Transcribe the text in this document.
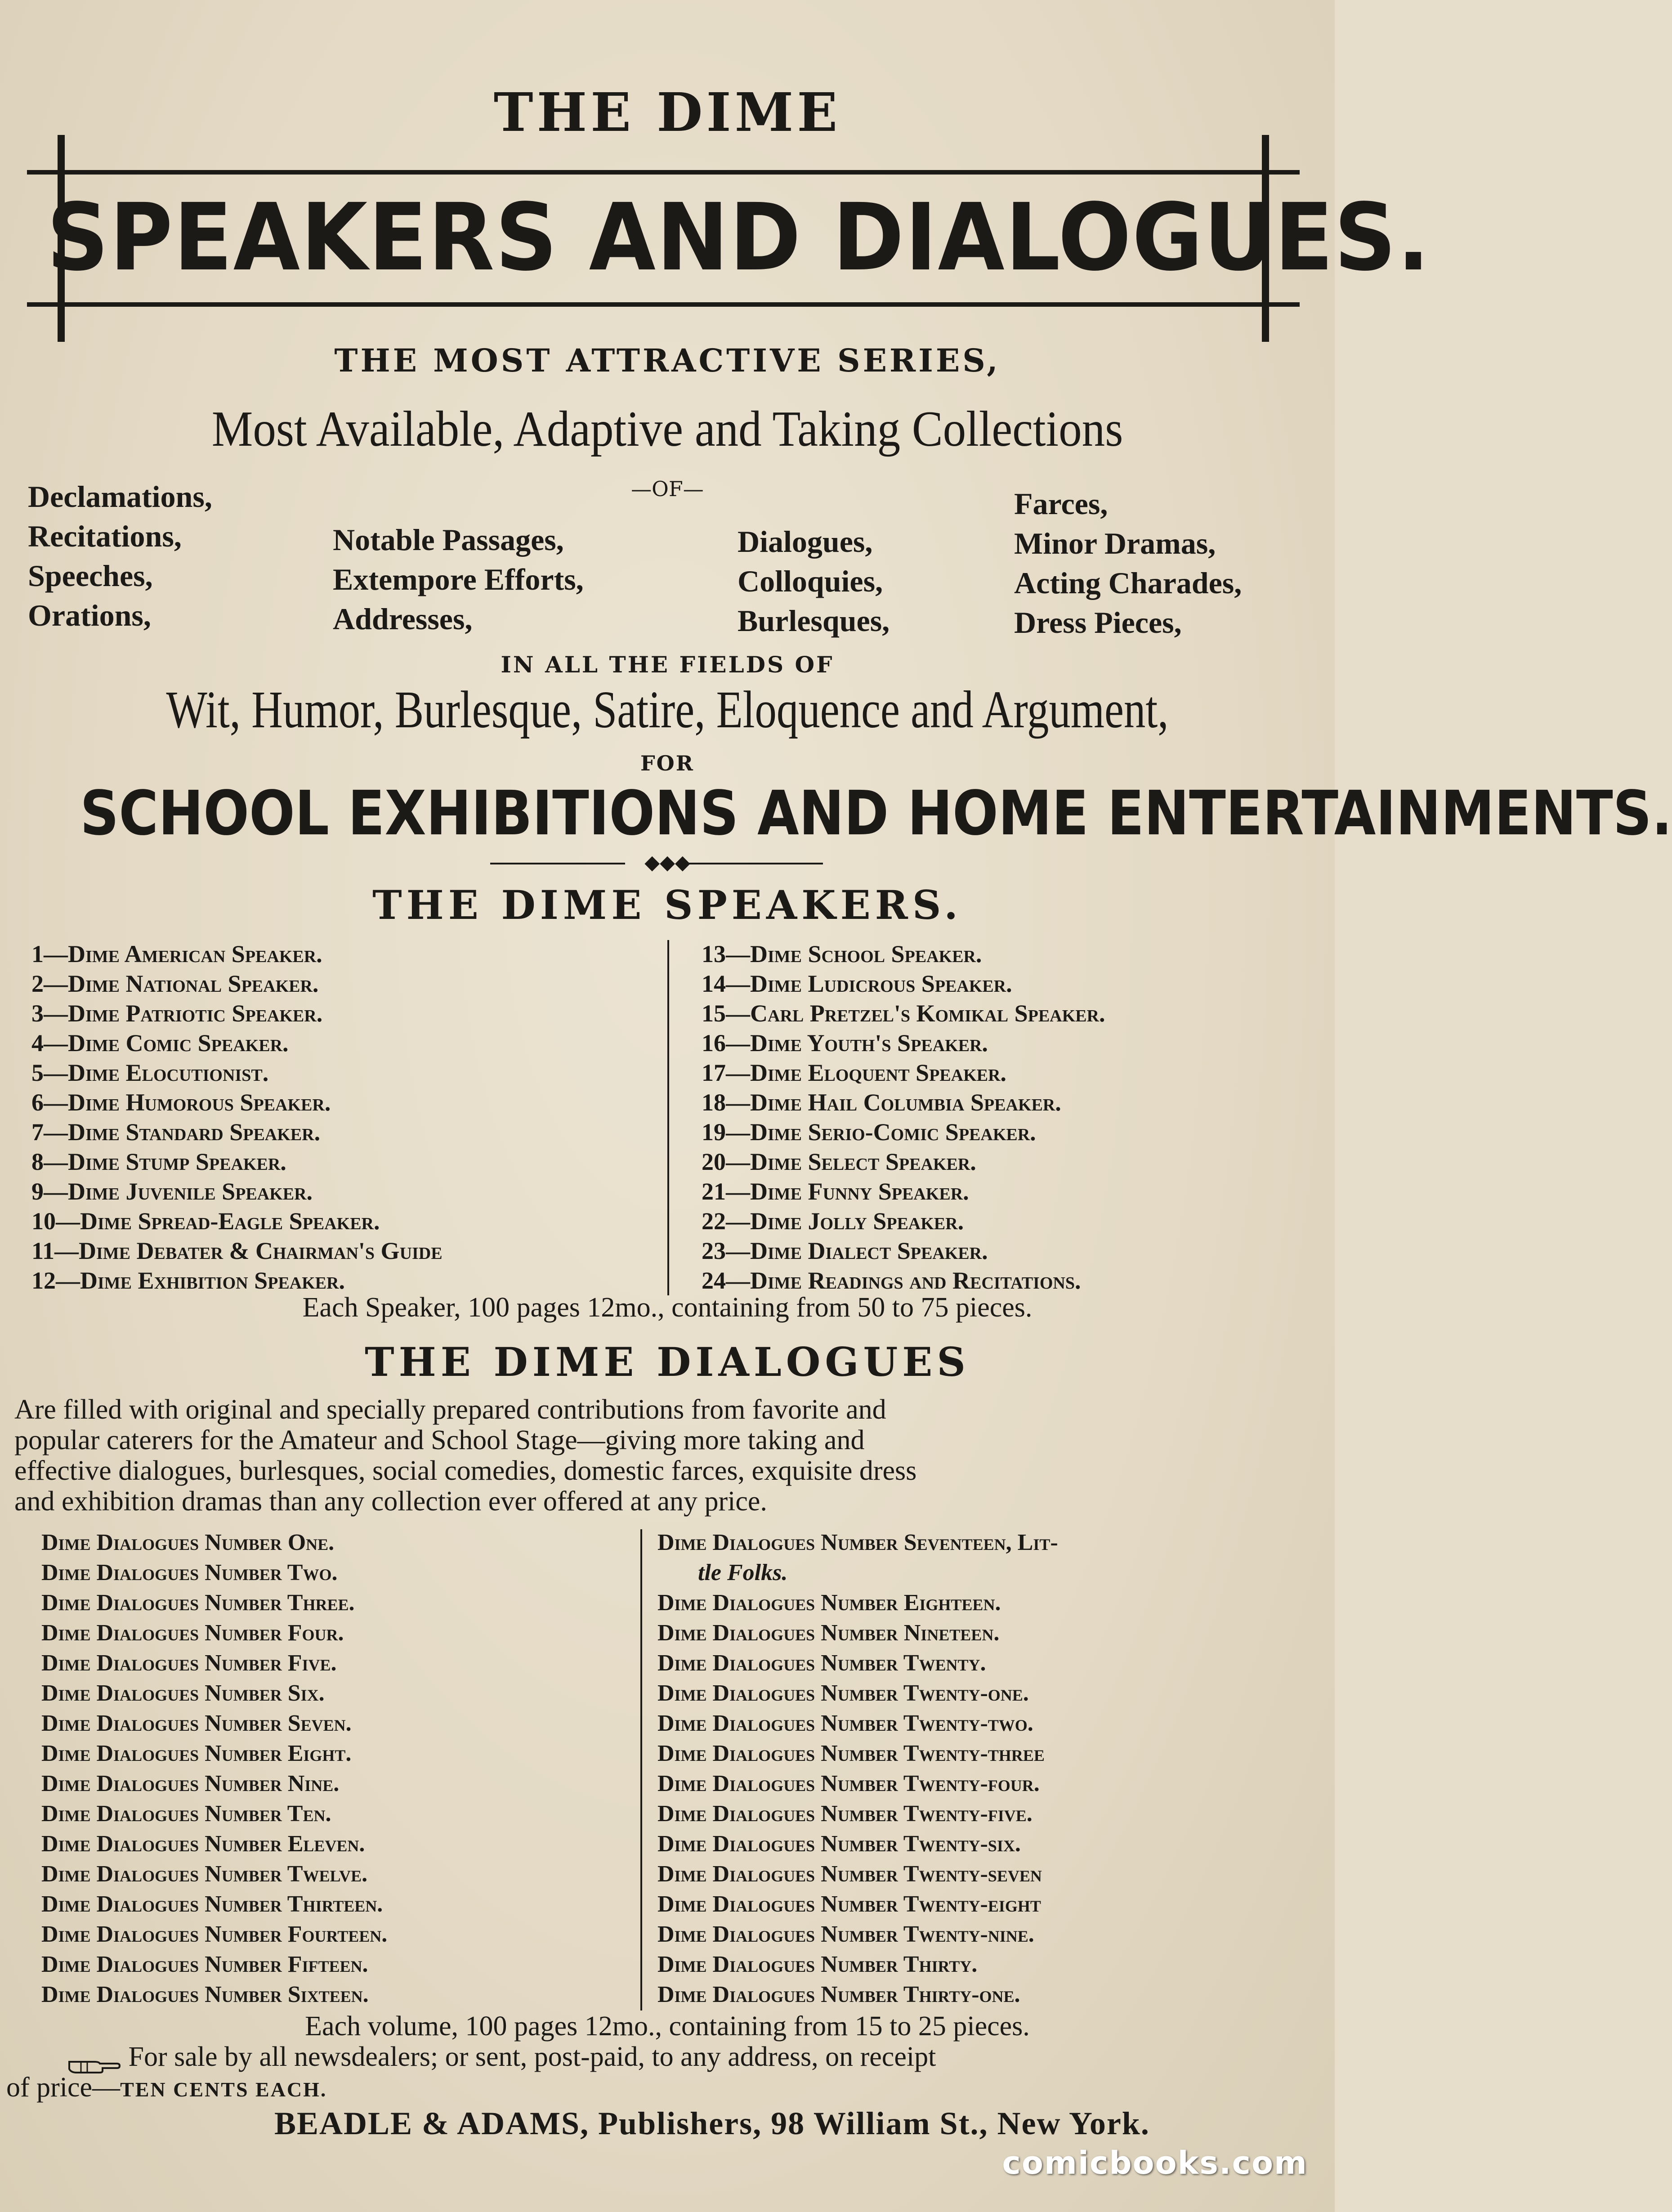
THE DIME
SPEAKERS AND DIALOGUES.
THE MOST ATTRACTIVE SERIES,
Most Available, Adaptive and Taking Collections
—OF—
Declamations,
Recitations,
Speeches,
Orations,
Notable Passages,
Extempore Efforts,
Addresses,
Dialogues,
Colloquies,
Burlesques,
Farces,
Minor Dramas,
Acting Charades,
Dress Pieces,
IN ALL THE FIELDS OF
Wit, Humor, Burlesque, Satire, Eloquence and Argument,
FOR
SCHOOL EXHIBITIONS AND HOME ENTERTAINMENTS.
◆◆◆
THE DIME SPEAKERS.
1—Dime American Speaker.
2—Dime National Speaker.
3—Dime Patriotic Speaker.
4—Dime Comic Speaker.
5—Dime Elocutionist.
6—Dime Humorous Speaker.
7—Dime Standard Speaker.
8—Dime Stump Speaker.
9—Dime Juvenile Speaker.
10—Dime Spread-Eagle Speaker.
11—Dime Debater & Chairman's Guide
12—Dime Exhibition Speaker.
13—Dime School Speaker.
14—Dime Ludicrous Speaker.
15—Carl Pretzel's Komikal Speaker.
16—Dime Youth's Speaker.
17—Dime Eloquent Speaker.
18—Dime Hail Columbia Speaker.
19—Dime Serio-Comic Speaker.
20—Dime Select Speaker.
21—Dime Funny Speaker.
22—Dime Jolly Speaker.
23—Dime Dialect Speaker.
24—Dime Readings and Recitations.
Each Speaker, 100 pages 12mo., containing from 50 to 75 pieces.
THE DIME DIALOGUES
Are filled with original and specially prepared contributions from favorite and
popular caterers for the Amateur and School Stage—giving more taking and
effective dialogues, burlesques, social comedies, domestic farces, exquisite dress
and exhibition dramas than any collection ever offered at any price.
Dime Dialogues Number One.
Dime Dialogues Number Two.
Dime Dialogues Number Three.
Dime Dialogues Number Four.
Dime Dialogues Number Five.
Dime Dialogues Number Six.
Dime Dialogues Number Seven.
Dime Dialogues Number Eight.
Dime Dialogues Number Nine.
Dime Dialogues Number Ten.
Dime Dialogues Number Eleven.
Dime Dialogues Number Twelve.
Dime Dialogues Number Thirteen.
Dime Dialogues Number Fourteen.
Dime Dialogues Number Fifteen.
Dime Dialogues Number Sixteen.
Dime Dialogues Number Seventeen, Lit-
tle Folks.
Dime Dialogues Number Eighteen.
Dime Dialogues Number Nineteen.
Dime Dialogues Number Twenty.
Dime Dialogues Number Twenty-one.
Dime Dialogues Number Twenty-two.
Dime Dialogues Number Twenty-three
Dime Dialogues Number Twenty-four.
Dime Dialogues Number Twenty-five.
Dime Dialogues Number Twenty-six.
Dime Dialogues Number Twenty-seven
Dime Dialogues Number Twenty-eight
Dime Dialogues Number Twenty-nine.
Dime Dialogues Number Thirty.
Dime Dialogues Number Thirty-one.
Each volume, 100 pages 12mo., containing from 15 to 25 pieces.
For sale by all newsdealers; or sent, post-paid, to any address, on receipt
of price—TEN CENTS EACH.
BEADLE & ADAMS, Publishers, 98 William St., New York.
comicbooks.com
